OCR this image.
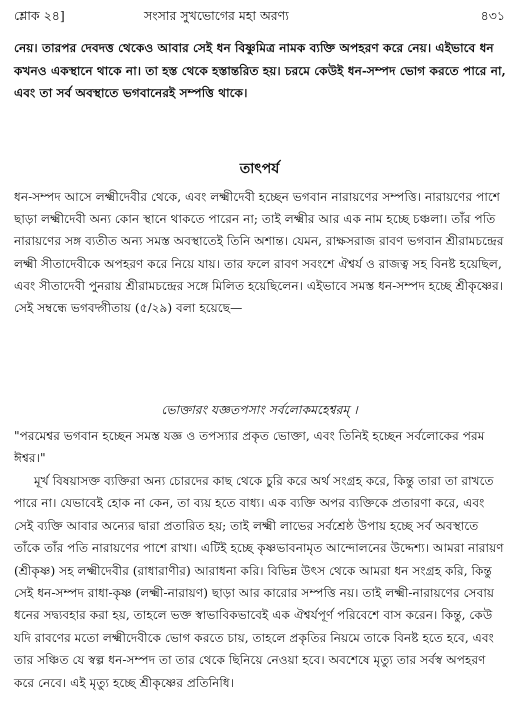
শ্লোক ২৪]	সংসার সুখভোগের মহা অরণ্য	৪৩১

নেয়। তারপর দেবদত্ত থেকেও আবার সেই ধন বিষ্ণুমিত্র নামক ব্যক্তি অপহরণ করে নেয়। এইভাবে ধন কখনও একস্থানে থাকে না। তা হস্ত থেকে হস্তান্তরিত হয়। চরমে কেউই ধন-সম্পদ ভোগ করতে পারে না, এবং তা সর্ব অবস্থাতে ভগবানেরই সম্পত্তি থাকে।

তাৎপর্য

ধন-সম্পদ আসে লক্ষ্মীদেবীর থেকে, এবং লক্ষ্মীদেবী হচ্ছেন ভগবান নারায়ণের সম্পত্তি। নারায়ণের পাশে ছাড়া লক্ষ্মীদেবী অন্য কোন স্থানে থাকতে পারেন না; তাই লক্ষ্মীর আর এক নাম হচ্ছে চঞ্চলা। তাঁর পতি নারায়ণের সঙ্গ ব্যতীত অন্য সমস্ত অবস্থাতেই তিনি অশান্ত। যেমন, রাক্ষসরাজ রাবণ ভগবান শ্রীরামচন্দ্রের লক্ষ্মী সীতাদেবীকে অপহরণ করে নিয়ে যায়। তার ফলে রাবণ সবংশে ঐশ্বর্য ও রাজত্ব সহ বিনষ্ট হয়েছিল, এবং সীতাদেবী পুনরায় শ্রীরামচন্দ্রের সঙ্গে মিলিত হয়েছিলেন। এইভাবে সমস্ত ধন-সম্পদ হচ্ছে শ্রীকৃষ্ণের। সেই সম্বন্ধে ভগবদ্গীতায় (৫/২৯) বলা হয়েছে—

ভোক্তারং যজ্ঞতপসাং সর্বলোকমহেশ্বরম্ ।

"পরমেশ্বর ভগবান হচ্ছেন সমস্ত যজ্ঞ ও তপস্যার প্রকৃত ভোক্তা, এবং তিনিই হচ্ছেন সর্বলোকের পরম ঈশ্বর।"

মূর্খ বিষয়াসক্ত ব্যক্তিরা অন্য চোরদের কাছ থেকে চুরি করে অর্থ সংগ্রহ করে, কিন্তু তারা তা রাখতে পারে না। যেভাবেই হোক না কেন, তা ব্যয় হতে বাধ্য। এক ব্যক্তি অপর ব্যক্তিকে প্রতারণা করে, এবং সেই ব্যক্তি আবার অন্যের দ্বারা প্রতারিত হয়; তাই লক্ষ্মী লাভের সর্বশ্রেষ্ঠ উপায় হচ্ছে সর্ব অবস্থাতে তাঁকে তাঁর পতি নারায়ণের পাশে রাখা। এটিই হচ্ছে কৃষ্ণভাবনামৃত আন্দোলনের উদ্দেশ্য। আমরা নারায়ণ (শ্রীকৃষ্ণ) সহ লক্ষ্মীদেবীর (রাধারাণীর) আরাধনা করি। বিভিন্ন উৎস থেকে আমরা ধন সংগ্রহ করি, কিন্তু সেই ধন-সম্পদ রাধা-কৃষ্ণ (লক্ষ্মী-নারায়ণ) ছাড়া আর কারোর সম্পত্তি নয়। তাই লক্ষ্মী-নারায়ণের সেবায় ধনের সদ্ব্যবহার করা হয়, তাহলে ভক্ত স্বাভাবিকভাবেই এক ঐশ্বর্যপূর্ণ পরিবেশে বাস করেন। কিন্তু, কেউ যদি রাবণের মতো লক্ষ্মীদেবীকে ভোগ করতে চায়, তাহলে প্রকৃতির নিয়মে তাকে বিনষ্ট হতে হবে, এবং তার সঞ্চিত যে স্বল্প ধন-সম্পদ তা তার থেকে ছিনিয়ে নেওয়া হবে। অবশেষে মৃত্যু তার সর্বস্ব অপহরণ করে নেবে। এই মৃত্যু হচ্ছে শ্রীকৃষ্ণের প্রতিনিধি।
